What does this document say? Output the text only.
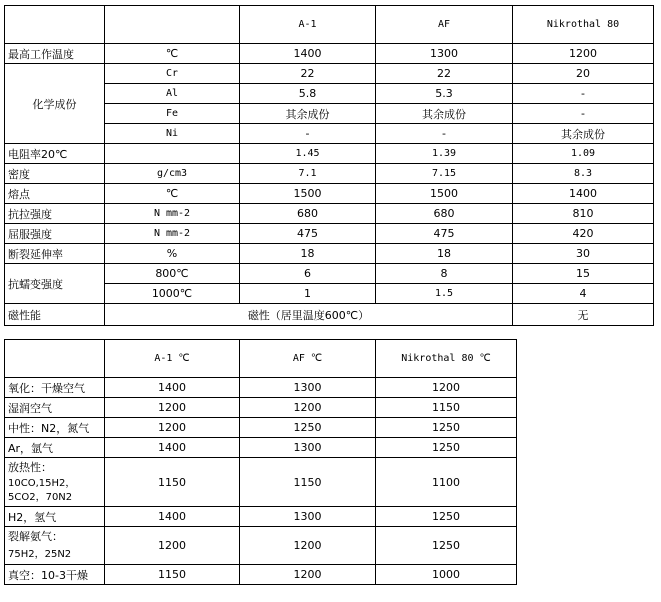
		A-1	AF	Nikrothal 80
最高工作温度	℃	1400	1300	1200
化学成份	Cr	22	22	20
	Al	5.8	5.3	-
	Fe	其余成份	其余成份	-
	Ni	-	-	其余成份
电阻率20℃		1.45	1.39	1.09
密度	g/cm3	7.1	7.15	8.3
熔点	℃	1500	1500	1400
抗拉强度	N mm-2	680	680	810
屈服强度	N mm-2	475	475	420
断裂延伸率	%	18	18	30
抗蠕变强度	800℃	6	8	15
	1000℃	1	1.5	4
磁性能	磁性（居里温度600℃）			无
	A-1 ℃	AF ℃	Nikrothal 80 ℃
氧化：干燥空气	1400	1300	1200
湿润空气	1200	1200	1150
中性：N2，氮气	1200	1250	1250
Ar，氩气	1400	1300	1250

放热性：
10CO,15H2，5CO2，70N2	1150	1150	1100
H2，氢气	1400	1300	1250

裂解氨气：
75H2，25N2	1200	1200	1250
真空：10-3干燥	1150	1200	1000
